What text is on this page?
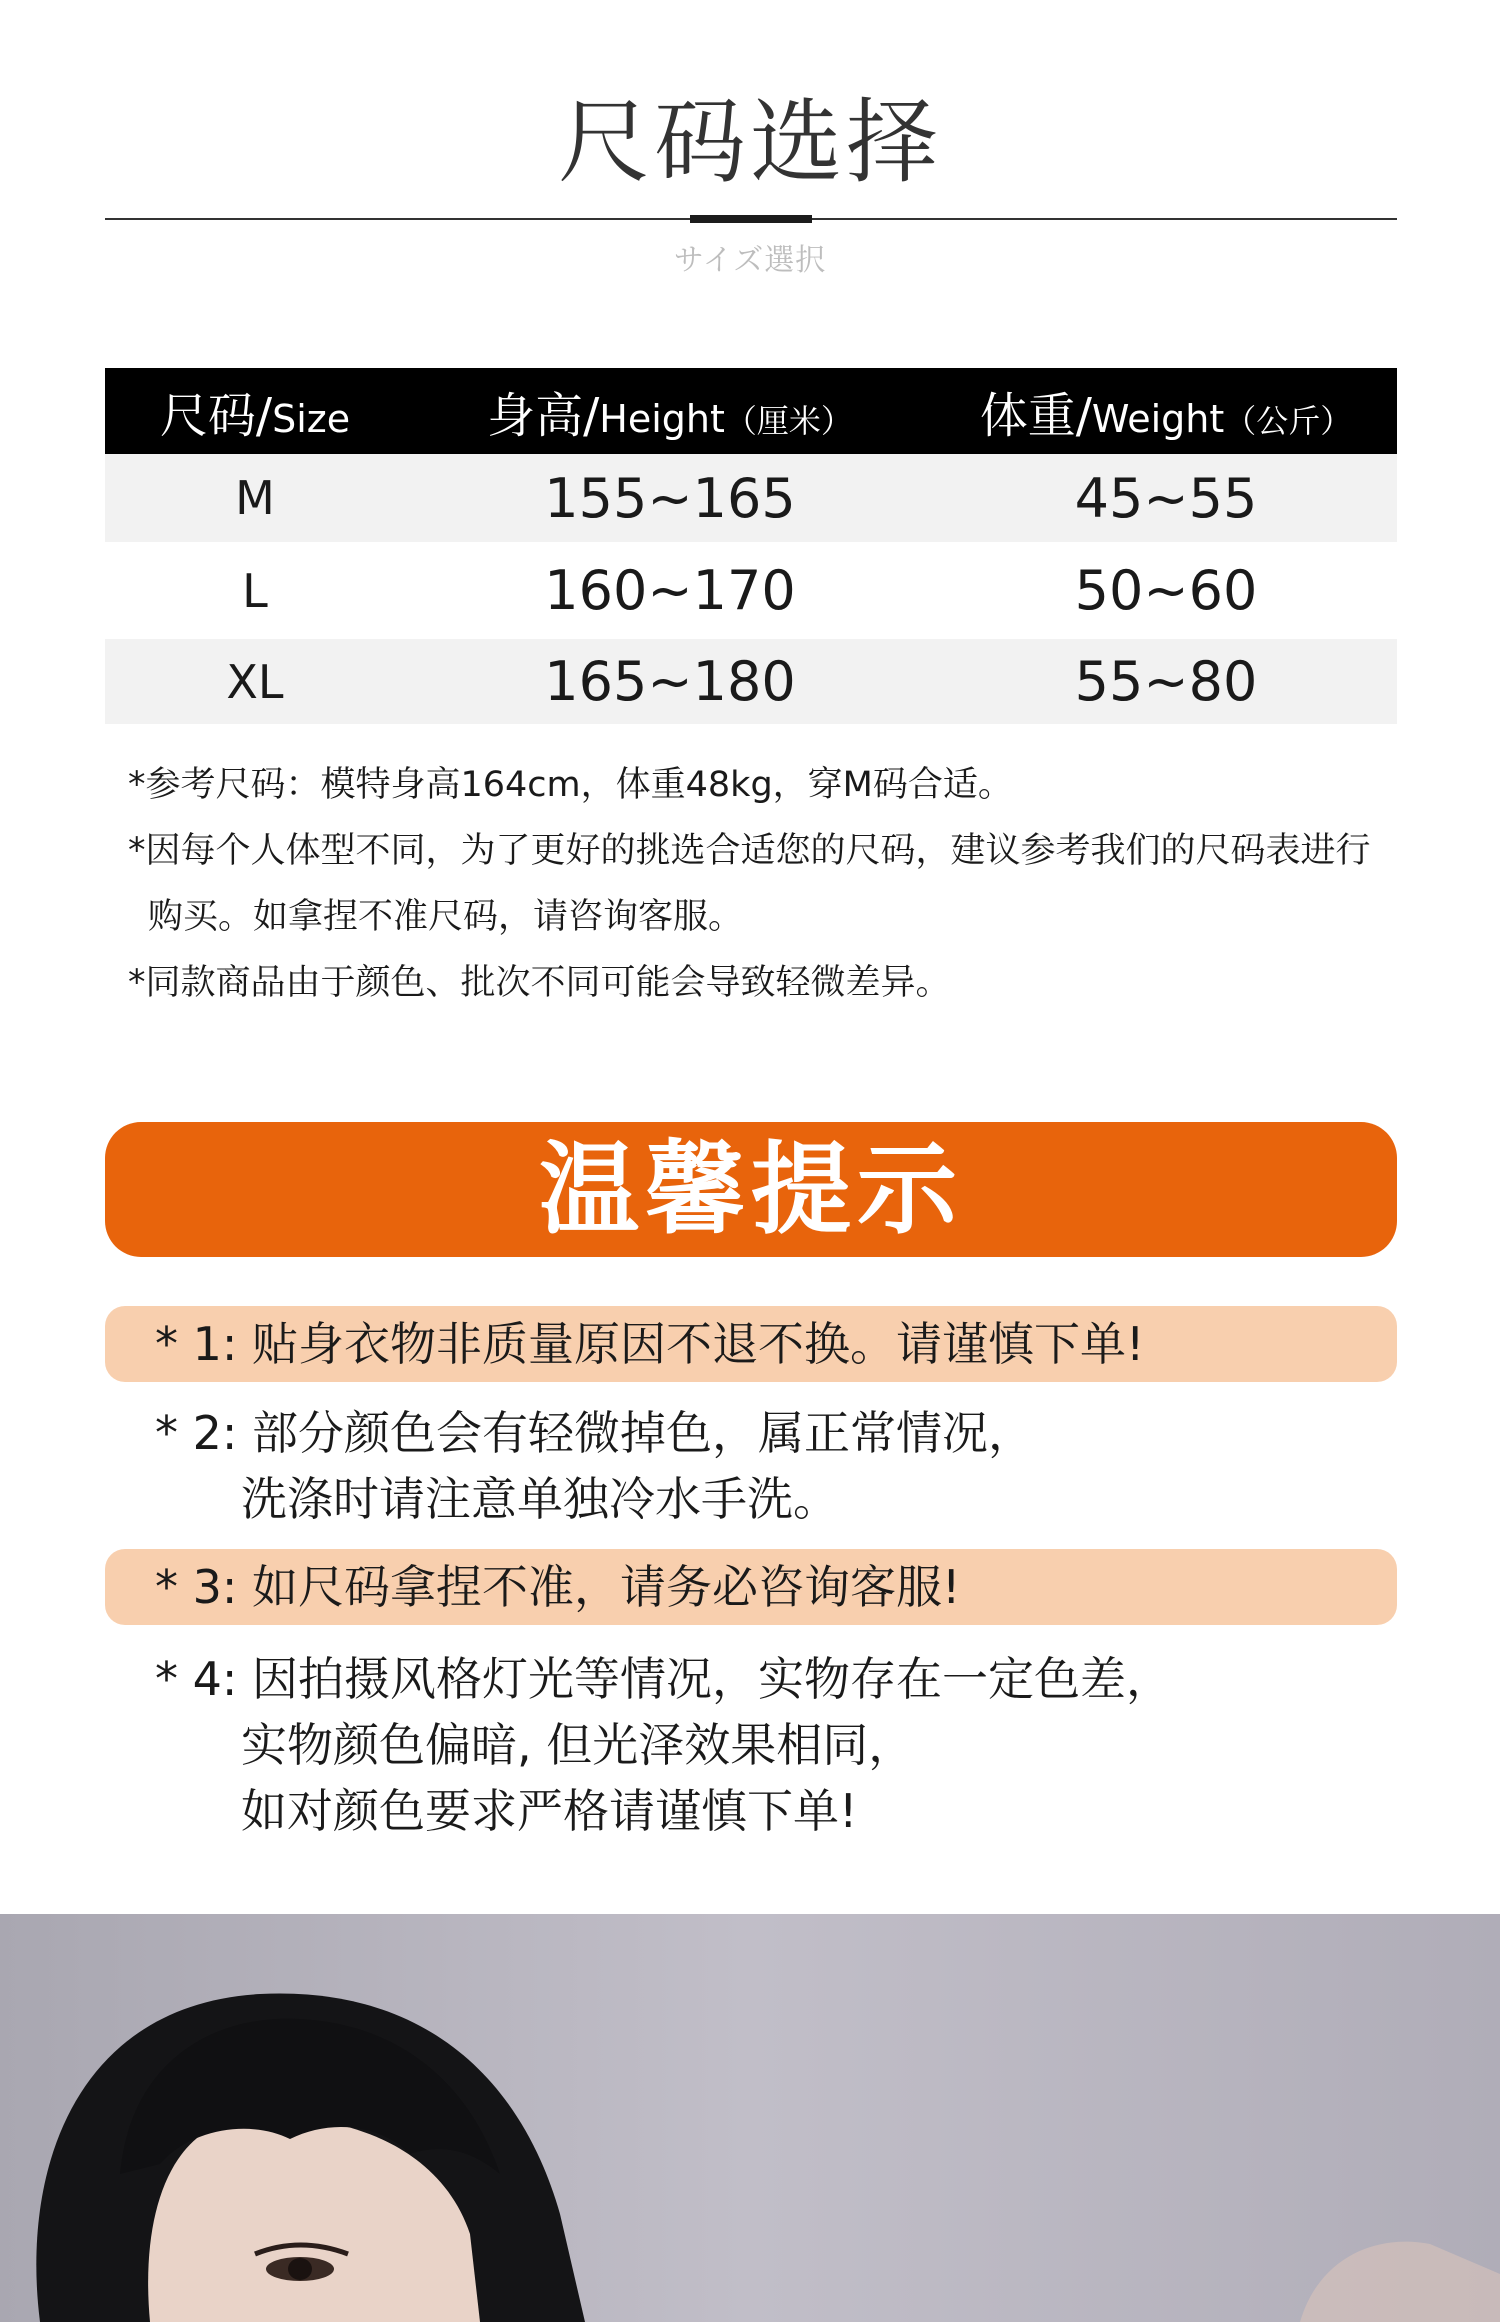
尺码选择
サイズ選択
尺码/Size	身高/Height（厘米）	体重/Weight（公斤）
M	155~165	45~55
L	160~170	50~60
XL	165~180	55~80

*参考尺码：模特身高164cm，体重48kg，穿M码合适。

*因每个人体型不同，为了更好的挑选合适您的尺码，建议参考我们的尺码表进行购买。如拿捏不准尺码，请咨询客服。

*同款商品由于颜色、批次不同可能会导致轻微差异。

温馨提示
* 1: 贴身衣物非质量原因不退不换。请谨慎下单!
* 2: 部分颜色会有轻微掉色，属正常情况，
洗涤时请注意单独冷水手洗。
* 3: 如尺码拿捏不准，请务必咨询客服!
* 4: 因拍摄风格灯光等情况，实物存在一定色差，
实物颜色偏暗, 但光泽效果相同，
如对颜色要求严格请谨慎下单!
